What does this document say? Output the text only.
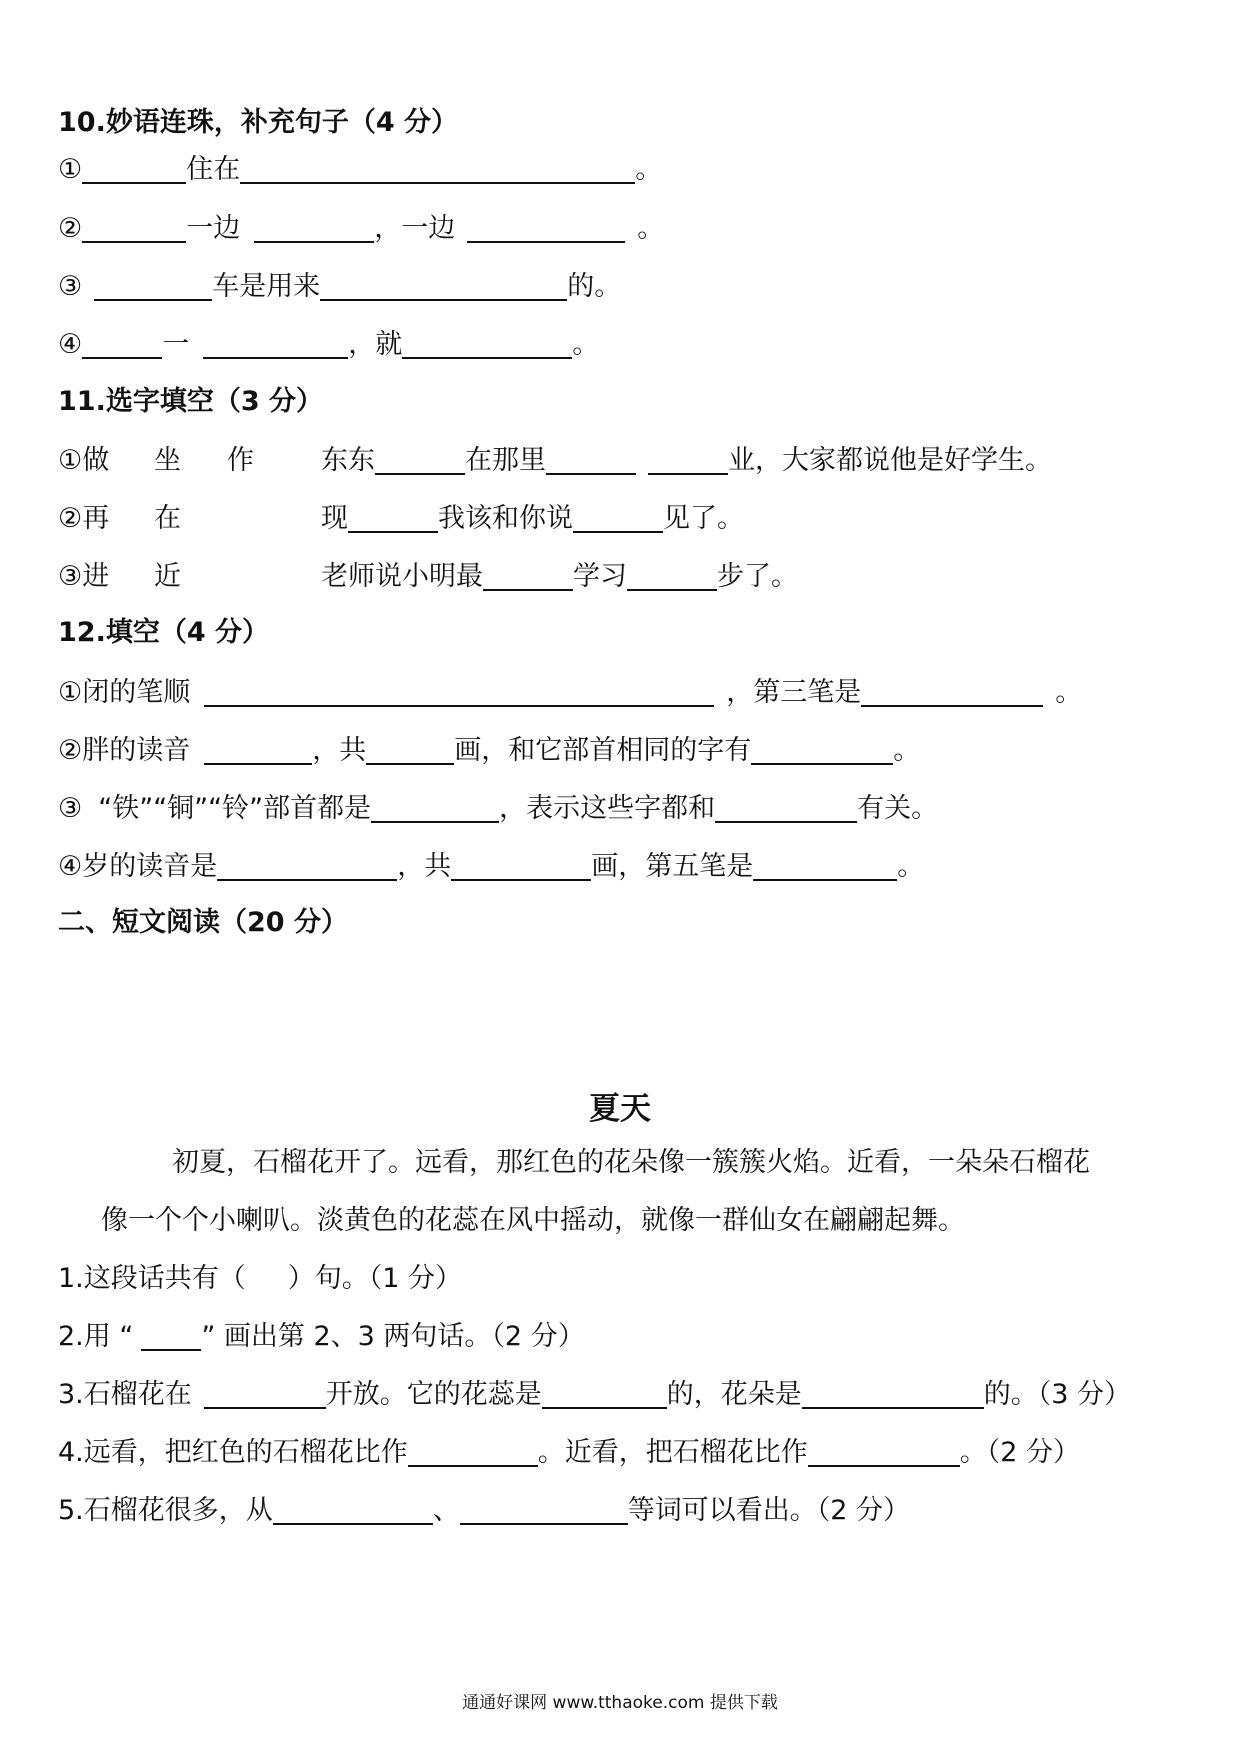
10.妙语连珠，补充句子（4 分）
①	住在	。
②	一边	，一边	。
③	车是用来	的。
④	一	，就	。
11.选字填空（3 分）
①做 坐 作 东东	在那里	业，大家都说他是好学生。
②再 在	现	我该和你说	见了。
③进 近	老师说小明最	学习	步了。
12.填空（4 分）
①闭的笔顺	，第三笔是	。
②胖的读音	，共	画，和它部首相同的字有	。
③ “铁”“铜”“铃”部首都是	，表示这些字都和	有关。
④岁的读音是	，共	画，第五笔是	。
二、短文阅读（20 分）
夏天
初夏，石榴花开了。远看，那红色的花朵像一簇簇火焰。近看，一朵朵石榴花
像一个个小喇叭。淡黄色的花蕊在风中摇动，就像一群仙女在翩翩起舞。
1.这段话共有（ ）句。（1 分）
2.用 “	” 画出第 2、3 两句话。（2 分）
3.石榴花在	开放。它的花蕊是	的，花朵是	的。（3 分）
4.远看，把红色的石榴花比作	。近看，把石榴花比作	。（2 分）
5.石榴花很多，从	、	等词可以看出。（2 分）
通通好课网 www.tthaoke.com 提供下载
